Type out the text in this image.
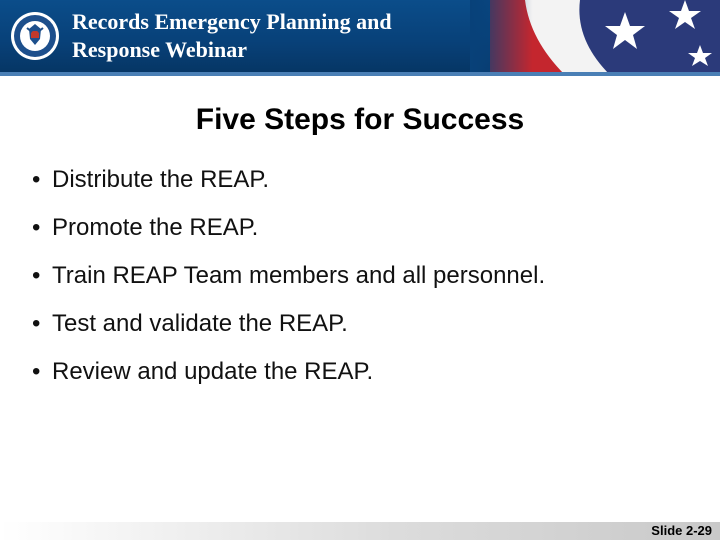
Records Emergency Planning and
Response Webinar
Five Steps for Success
• Distribute the REAP.
• Promote the REAP.
• Train REAP Team members and all personnel.
• Test and validate the REAP.
• Review and update the REAP.
Slide 2-29
